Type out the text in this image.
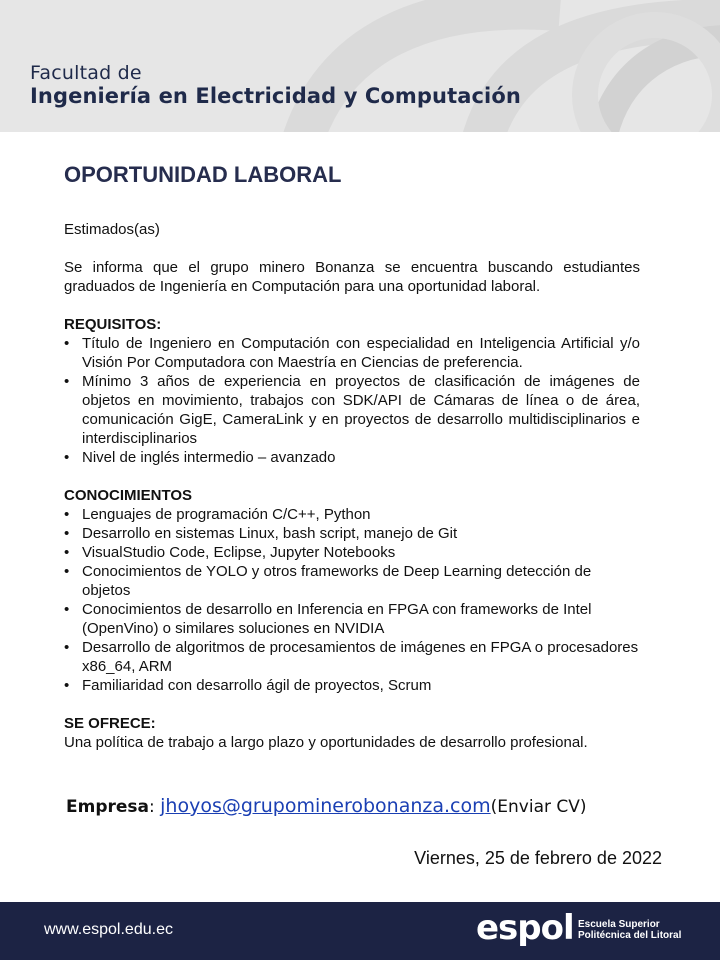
Facultad de
Ingeniería en Electricidad y Computación
OPORTUNIDAD LABORAL

Estimados(as)

Se informa que el grupo minero Bonanza se encuentra buscando estudiantes graduados de Ingeniería en Computación para una oportunidad laboral.

REQUISITOS:

• Título de Ingeniero en Computación con especialidad en Inteligencia Artificial y/o Visión Por Computadora con Maestría en Ciencias de preferencia.
• Mínimo 3 años de experiencia en proyectos de clasificación de imágenes de objetos en movimiento, trabajos con SDK/API de Cámaras de línea o de área, comunicación GigE, CameraLink y en proyectos de desarrollo multidisciplinarios e interdisciplinarios
• Nivel de inglés intermedio – avanzado

CONOCIMIENTOS

• Lenguajes de programación C/C++, Python
• Desarrollo en sistemas Linux, bash script, manejo de Git
• VisualStudio Code, Eclipse, Jupyter Notebooks
• Conocimientos de YOLO y otros frameworks de Deep Learning detección de objetos
• Conocimientos de desarrollo en Inferencia en FPGA con frameworks de Intel (OpenVino) o similares soluciones en NVIDIA
• Desarrollo de algoritmos de procesamientos de imágenes en FPGA o procesadores x86_64, ARM
• Familiaridad con desarrollo ágil de proyectos, Scrum

SE OFRECE:

Una política de trabajo a largo plazo y oportunidades de desarrollo profesional.

Empresa: jhoyos@grupominerobonanza.com(Enviar CV)
Viernes, 25 de febrero de 2022
www.espol.edu.ec	espol Escuela Superior
Politécnica del Litoral
